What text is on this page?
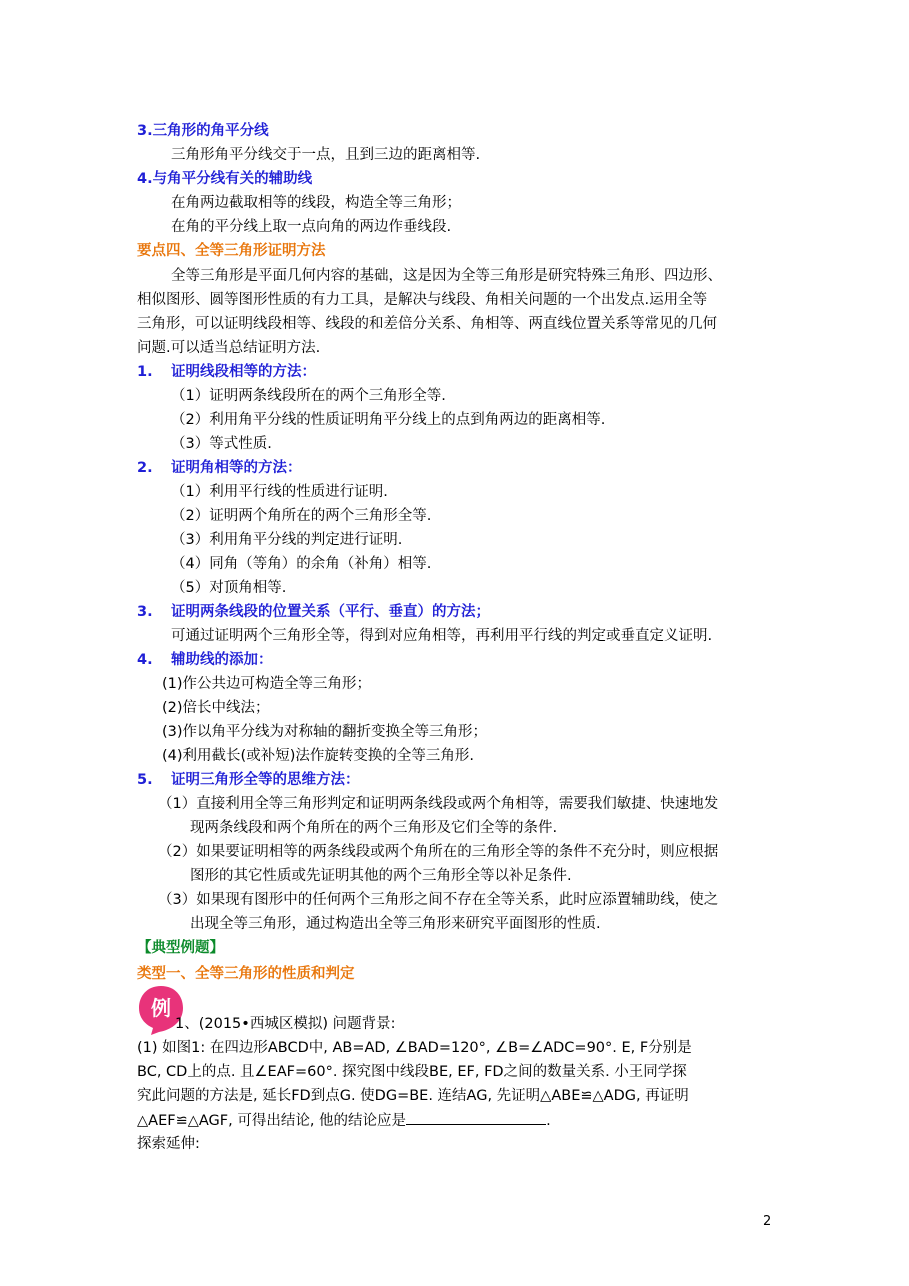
3.三角形的角平分线
三角形角平分线交于一点，且到三边的距离相等.
4.与角平分线有关的辅助线
在角两边截取相等的线段，构造全等三角形；
在角的平分线上取一点向角的两边作垂线段.
要点四、全等三角形证明方法
全等三角形是平面几何内容的基础，这是因为全等三角形是研究特殊三角形、四边形、
相似图形、圆等图形性质的有力工具，是解决与线段、角相关问题的一个出发点.运用全等
三角形，可以证明线段相等、线段的和差倍分关系、角相等、两直线位置关系等常见的几何
问题.可以适当总结证明方法.
1. 证明线段相等的方法：
（1）证明两条线段所在的两个三角形全等.
（2）利用角平分线的性质证明角平分线上的点到角两边的距离相等.
（3）等式性质.
2. 证明角相等的方法：
（1）利用平行线的性质进行证明.
（2）证明两个角所在的两个三角形全等.
（3）利用角平分线的判定进行证明.
（4）同角（等角）的余角（补角）相等.
（5）对顶角相等.
3. 证明两条线段的位置关系（平行、垂直）的方法；
可通过证明两个三角形全等，得到对应角相等，再利用平行线的判定或垂直定义证明.
4. 辅助线的添加：
(1)作公共边可构造全等三角形；
(2)倍长中线法；
(3)作以角平分线为对称轴的翻折变换全等三角形；
(4)利用截长(或补短)法作旋转变换的全等三角形.
5. 证明三角形全等的思维方法：
（1）直接利用全等三角形判定和证明两条线段或两个角相等，需要我们敏捷、快速地发
现两条线段和两个角所在的两个三角形及它们全等的条件.
（2）如果要证明相等的两条线段或两个角所在的三角形全等的条件不充分时，则应根据
图形的其它性质或先证明其他的两个三角形全等以补足条件.
（3）如果现有图形中的任何两个三角形之间不存在全等关系，此时应添置辅助线，使之
出现全等三角形，通过构造出全等三角形来研究平面图形的性质.
【典型例题】
类型一、全等三角形的性质和判定
例
1、(2015•西城区模拟) 问题背景:
(1) 如图1: 在四边形ABCD中, AB=AD, ∠BAD=120°, ∠B=∠ADC=90°. E, F分别是
BC, CD上的点. 且∠EAF=60°. 探究图中线段BE, EF, FD之间的数量关系. 小王同学探
究此问题的方法是, 延长FD到点G. 使DG=BE. 连结AG, 先证明△ABE≌△ADG, 再证明
△AEF≌△AGF, 可得出结论, 他的结论应是	.
探索延伸:
2
